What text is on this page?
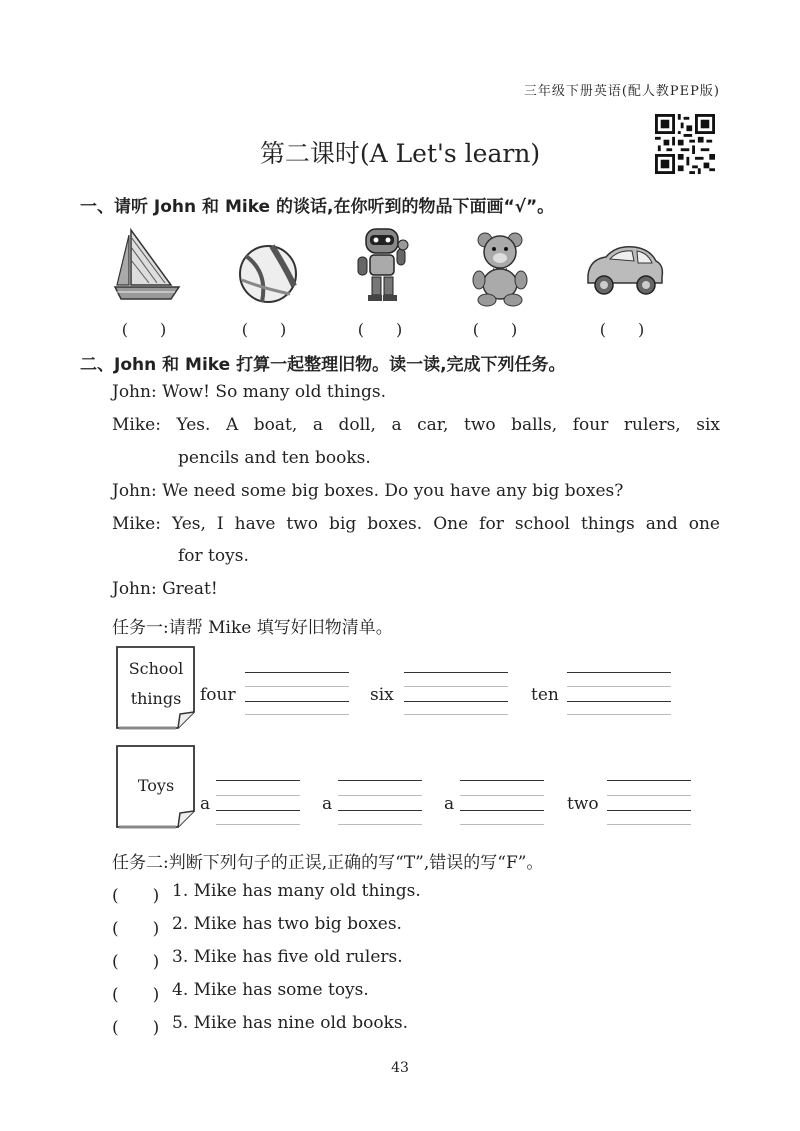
三年级下册英语(配人教PEP版)
第二课时(A Let's learn)
一、请听 John 和 Mike 的谈话,在你听到的物品下面画“√”。
(　　)	(　　)	(　　)	(　　)	(　　)
二、John 和 Mike 打算一起整理旧物。读一读,完成下列任务。
John: Wow! So many old things.
Mike: Yes. A boat, a doll, a car, two balls, four rulers, six
pencils and ten books.
John: We need some big boxes. Do you have any big boxes?
Mike: Yes, I have two big boxes. One for school things and one
for toys.
John: Great!
任务一:请帮 Mike 填写好旧物清单。
School
things	four	six	ten
Toys
a	a	a	two
任务二:判断下列句子的正误,正确的写“T”,错误的写“F”。
(　　) 1. Mike has many old things.
(　　) 2. Mike has two big boxes.
(　　) 3. Mike has five old rulers.
(　　) 4. Mike has some toys.
(　　) 5. Mike has nine old books.
43
